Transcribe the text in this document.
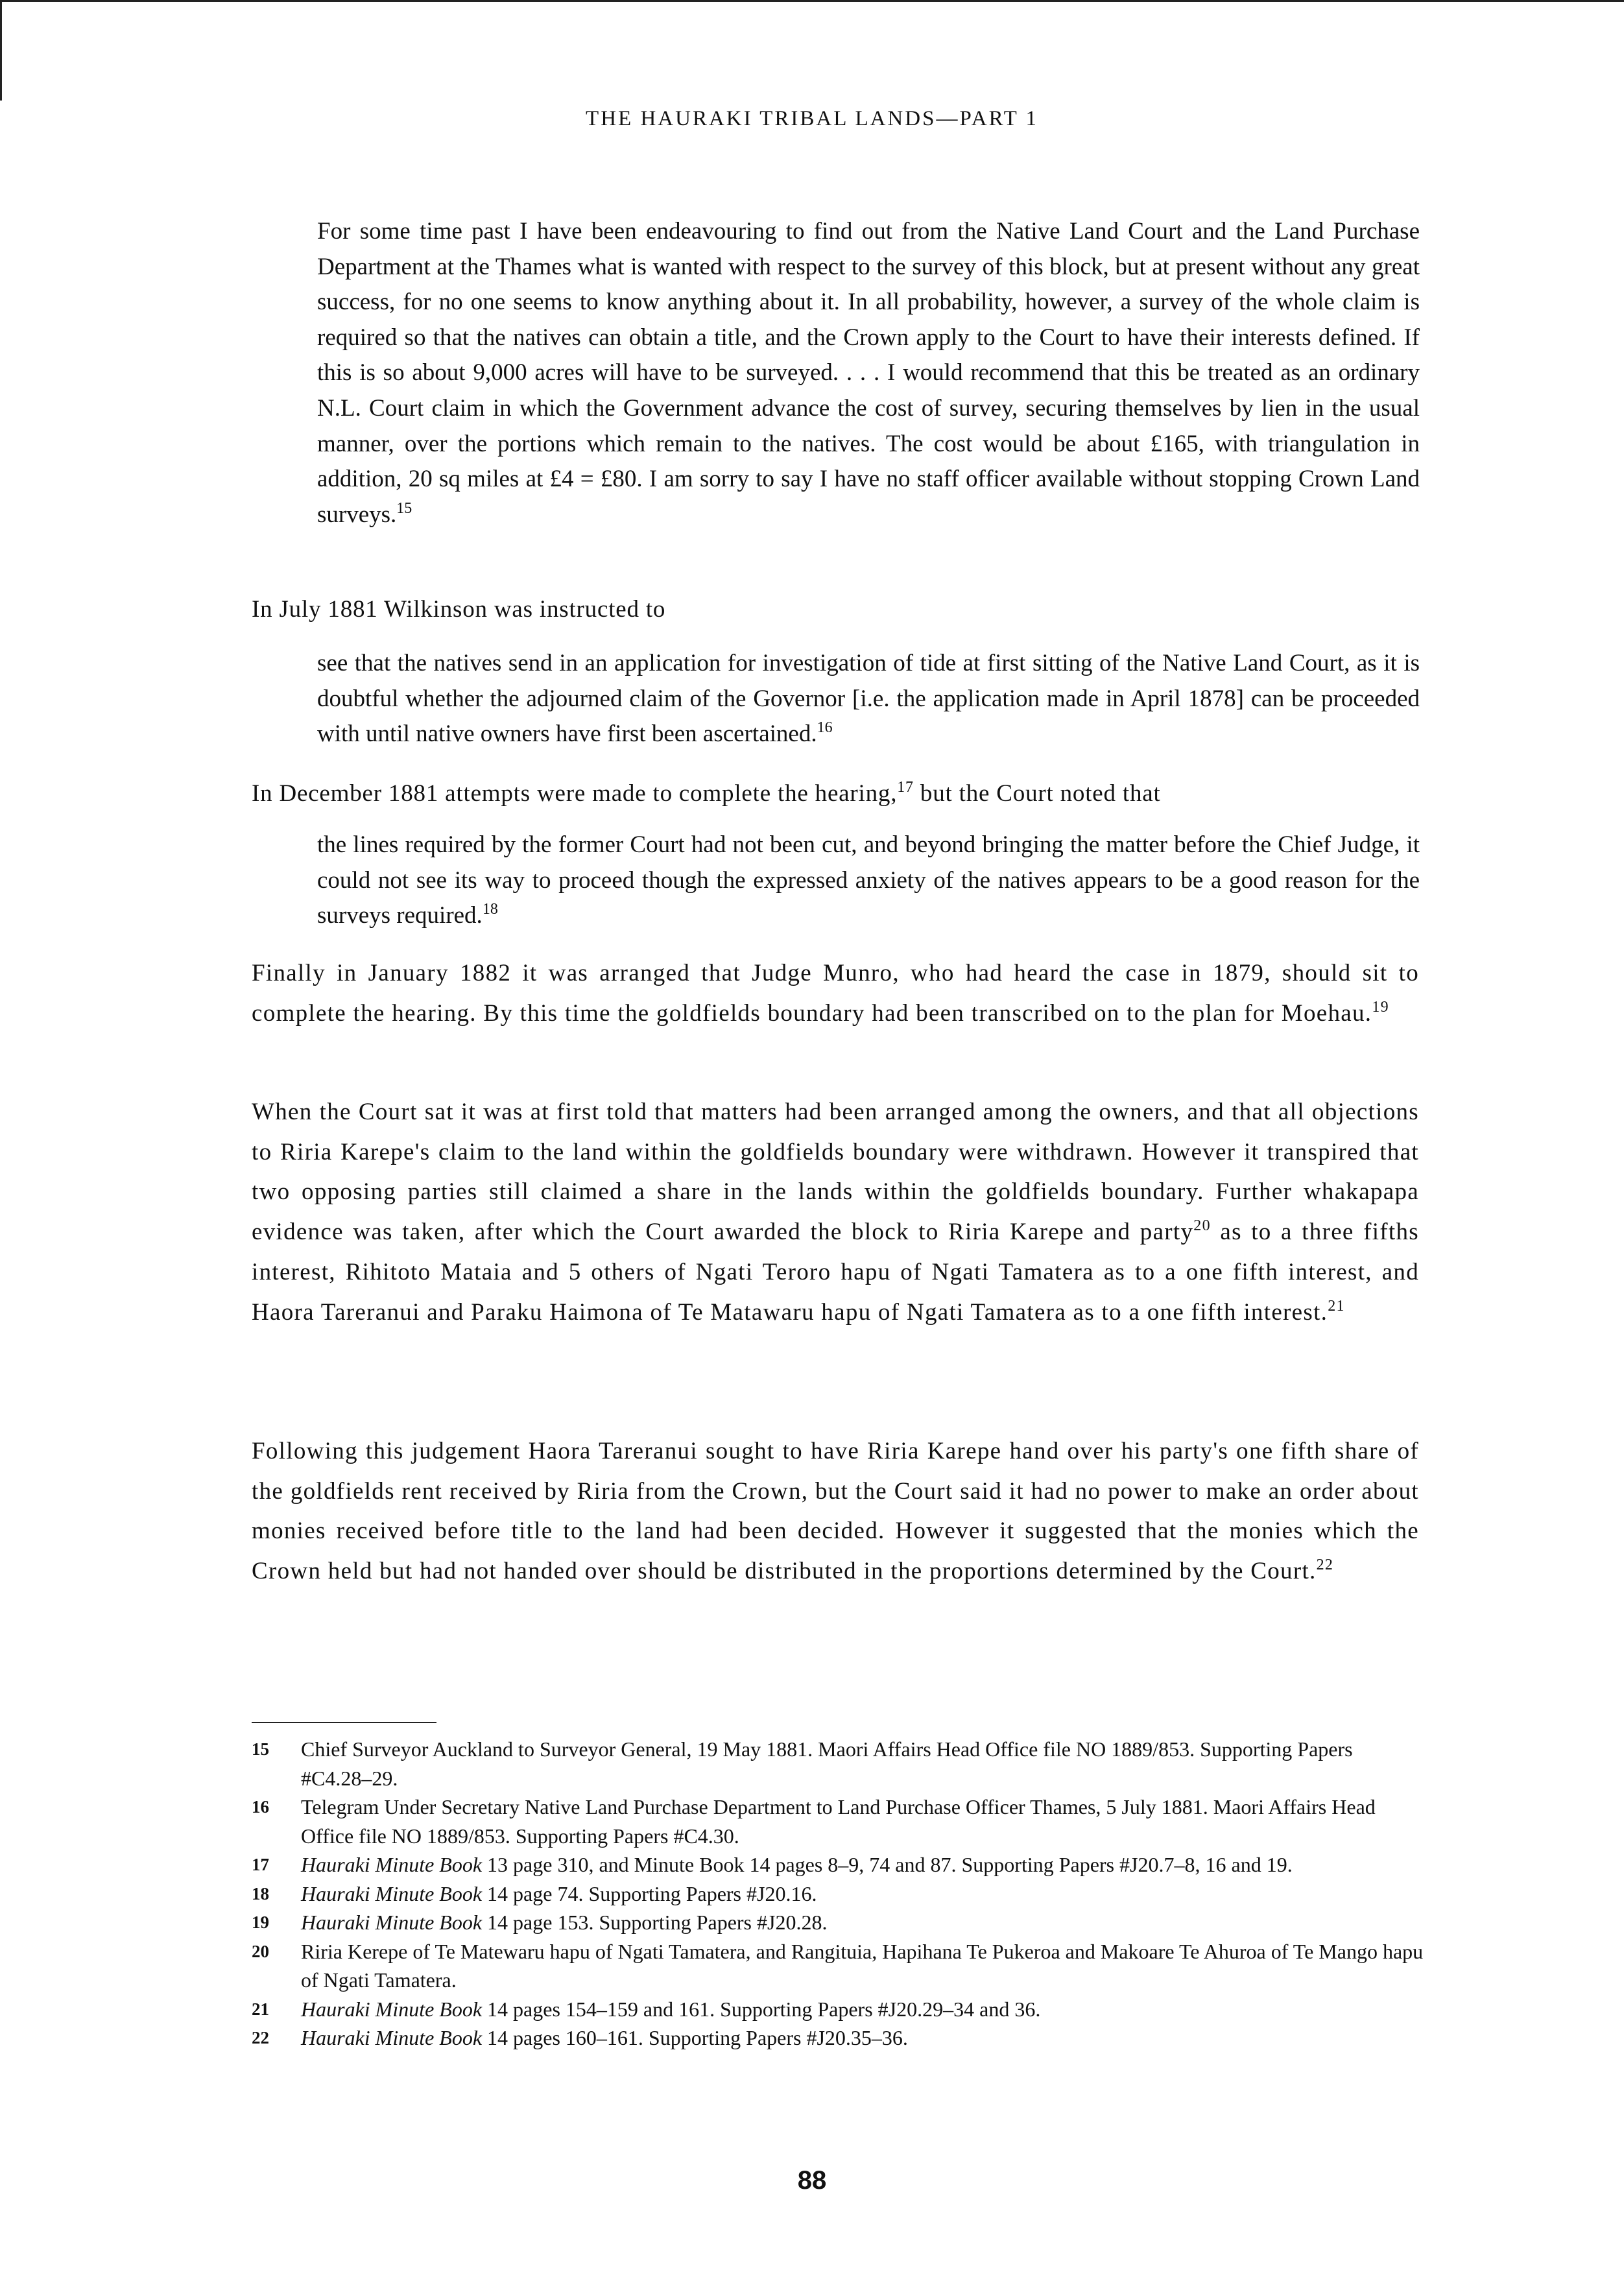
THE HAURAKI TRIBAL LANDS—PART 1
For some time past I have been endeavouring to find out from the Native Land Court and the Land Purchase Department at the Thames what is wanted with respect to the survey of this block, but at present without any great success, for no one seems to know anything about it. In all probability, however, a survey of the whole claim is required so that the natives can obtain a title, and the Crown apply to the Court to have their interests defined. If this is so about 9,000 acres will have to be surveyed. . . . I would recommend that this be treated as an ordinary N.L. Court claim in which the Government advance the cost of survey, securing themselves by lien in the usual manner, over the portions which remain to the natives. The cost would be about £165, with triangulation in addition, 20 sq miles at £4 = £80. I am sorry to say I have no staff officer available without stopping Crown Land surveys.$^{15}$
In July 1881 Wilkinson was instructed to
see that the natives send in an application for investigation of tide at first sitting of the Native Land Court, as it is doubtful whether the adjourned claim of the Governor [i.e. the application made in April 1878] can be proceeded with until native owners have first been ascertained.$^{16}$
In December 1881 attempts were made to complete the hearing,$^{17}$ but the Court noted that
the lines required by the former Court had not been cut, and beyond bringing the matter before the Chief Judge, it could not see its way to proceed though the expressed anxiety of the natives appears to be a good reason for the surveys required.$^{18}$
Finally in January 1882 it was arranged that Judge Munro, who had heard the case in 1879, should sit to complete the hearing. By this time the goldfields boundary had been transcribed on to the plan for Moehau.$^{19}$
When the Court sat it was at first told that matters had been arranged among the owners, and that all objections to Riria Karepe's claim to the land within the goldfields boundary were withdrawn. However it transpired that two opposing parties still claimed a share in the lands within the goldfields boundary. Further whakapapa evidence was taken, after which the Court awarded the block to Riria Karepe and party$^{20}$ as to a three fifths interest, Rihitoto Mataia and 5 others of Ngati Teroro hapu of Ngati Tamatera as to a one fifth interest, and Haora Tareranui and Paraku Haimona of Te Matawaru hapu of Ngati Tamatera as to a one fifth interest.$^{21}$
Following this judgement Haora Tareranui sought to have Riria Karepe hand over his party's one fifth share of the goldfields rent received by Riria from the Crown, but the Court said it had no power to make an order about monies received before title to the land had been decided. However it suggested that the monies which the Crown held but had not handed over should be distributed in the proportions determined by the Court.$^{22}$
15	Chief Surveyor Auckland to Surveyor General, 19 May 1881. Maori Affairs Head Office file NO 1889/853. Supporting Papers #C4.28–29.
16	Telegram Under Secretary Native Land Purchase Department to Land Purchase Officer Thames, 5 July 1881. Maori Affairs Head Office file NO 1889/853. Supporting Papers #C4.30.
17	Hauraki Minute Book 13 page 310, and Minute Book 14 pages 8–9, 74 and 87. Supporting Papers #J20.7–8, 16 and 19.
18	Hauraki Minute Book 14 page 74. Supporting Papers #J20.16.
19	Hauraki Minute Book 14 page 153. Supporting Papers #J20.28.
20	Riria Kerepe of Te Matewaru hapu of Ngati Tamatera, and Rangituia, Hapihana Te Pukeroa and Makoare Te Ahuroa of Te Mango hapu of Ngati Tamatera.
21	Hauraki Minute Book 14 pages 154–159 and 161. Supporting Papers #J20.29–34 and 36.
22	Hauraki Minute Book 14 pages 160–161. Supporting Papers #J20.35–36.
88
